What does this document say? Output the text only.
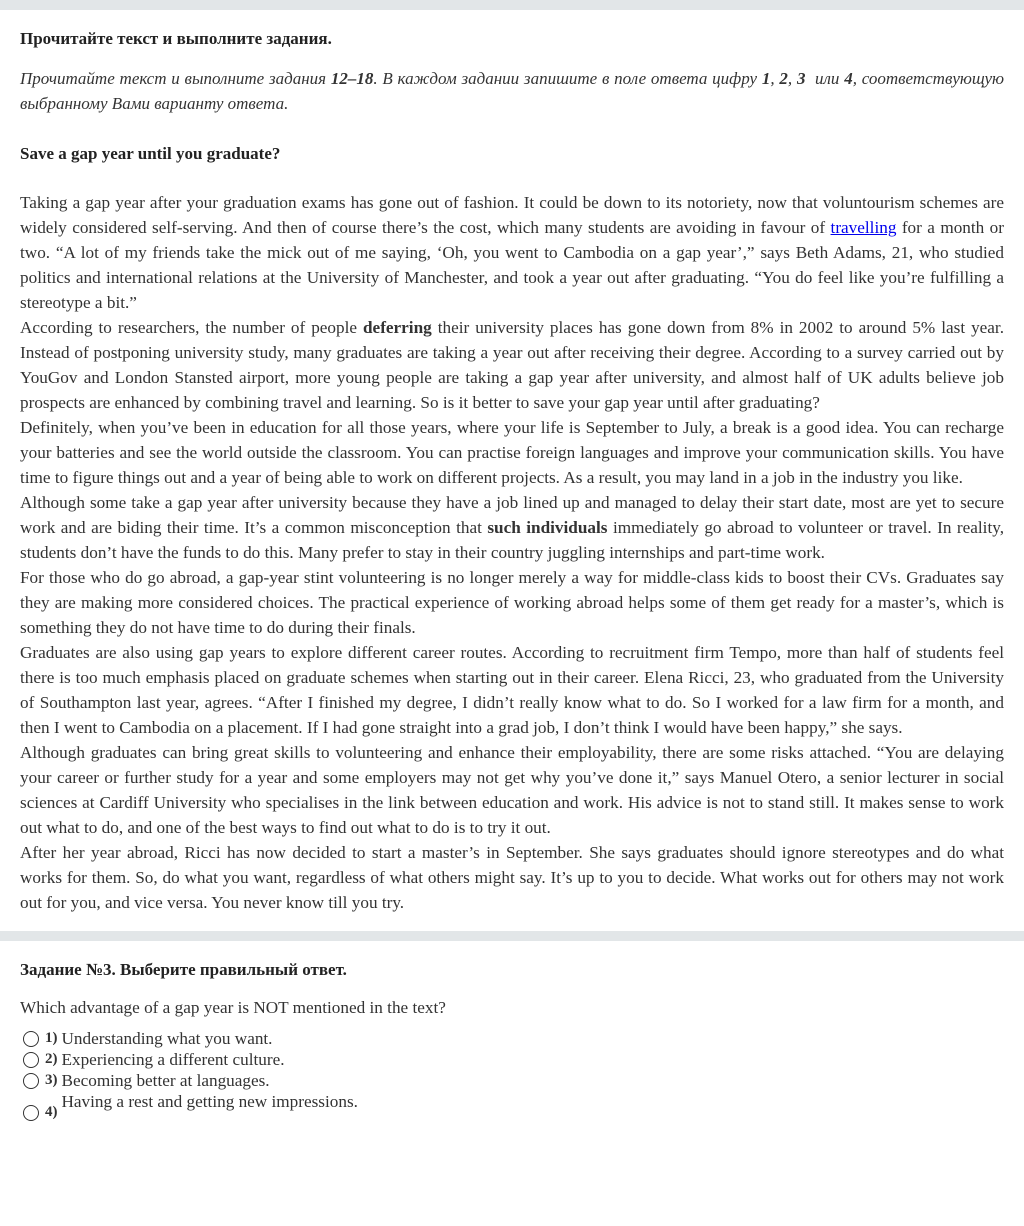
Прочитайте текст и выполните задания.
Прочитайте текст и выполните задания 12–18. В каждом задании запишите в поле ответа цифру 1, 2, 3  или 4, соответствующую выбранному Вами варианту ответа.
Save a gap year until you graduate?

Taking a gap year after your graduation exams has gone out of fashion. It could be down to its notoriety, now that voluntourism schemes are widely considered self-serving. And then of course there’s the cost, which many students are avoiding in favour of travelling for a month or two. “A lot of my friends take the mick out of me saying, ‘Oh, you went to Cambodia on a gap year’,” says Beth Adams, 21, who studied politics and international relations at the University of Manchester, and took a year out after graduating. “You do feel like you’re fulfilling a stereotype a bit.”

According to researchers, the number of people deferring their university places has gone down from 8% in 2002 to around 5% last year. Instead of postponing university study, many graduates are taking a year out after receiving their degree. According to a survey carried out by YouGov and London Stansted airport, more young people are taking a gap year after university, and almost half of UK adults believe job prospects are enhanced by combining travel and learning. So is it better to save your gap year until after graduating?

Definitely, when you’ve been in education for all those years, where your life is September to July, a break is a good idea. You can recharge your batteries and see the world outside the classroom. You can practise foreign languages and improve your communication skills. You have time to figure things out and a year of being able to work on different projects. As a result, you may land in a job in the industry you like.

Although some take a gap year after university because they have a job lined up and managed to delay their start date, most are yet to secure work and are biding their time. It’s a common misconception that such individuals immediately go abroad to volunteer or travel. In reality, students don’t have the funds to do this. Many prefer to stay in their country juggling internships and part-time work.

For those who do go abroad, a gap-year stint volunteering is no longer merely a way for middle-class kids to boost their CVs. Graduates say they are making more considered choices. The practical experience of working abroad helps some of them get ready for a master’s, which is something they do not have time to do during their finals.

Graduates are also using gap years to explore different career routes. According to recruitment firm Tempo, more than half of students feel there is too much emphasis placed on graduate schemes when starting out in their career. Elena Ricci, 23, who graduated from the University of Southampton last year, agrees. “After I finished my degree, I didn’t really know what to do. So I worked for a law firm for a month, and then I went to Cambodia on a placement. If I had gone straight into a grad job, I don’t think I would have been happy,” she says.

Although graduates can bring great skills to volunteering and enhance their employability, there are some risks attached. “You are delaying your career or further study for a year and some employers may not get why you’ve done it,” says Manuel Otero, a senior lecturer in social sciences at Cardiff University who specialises in the link between education and work. His advice is not to stand still. It makes sense to work out what to do, and one of the best ways to find out what to do is to try it out.

After her year abroad, Ricci has now decided to start a master’s in September. She says graduates should ignore stereotypes and do what works for them. So, do what you want, regardless of what others might say. It’s up to you to decide. What works out for others may not work out for you, and vice versa. You never know till you try.

Задание №3. Выберите правильный ответ.
Which advantage of a gap year is NOT mentioned in the text?
1) Understanding what you want.
2) Experiencing a different culture.
3) Becoming better at languages.
4)
Having a rest and getting new impressions.
